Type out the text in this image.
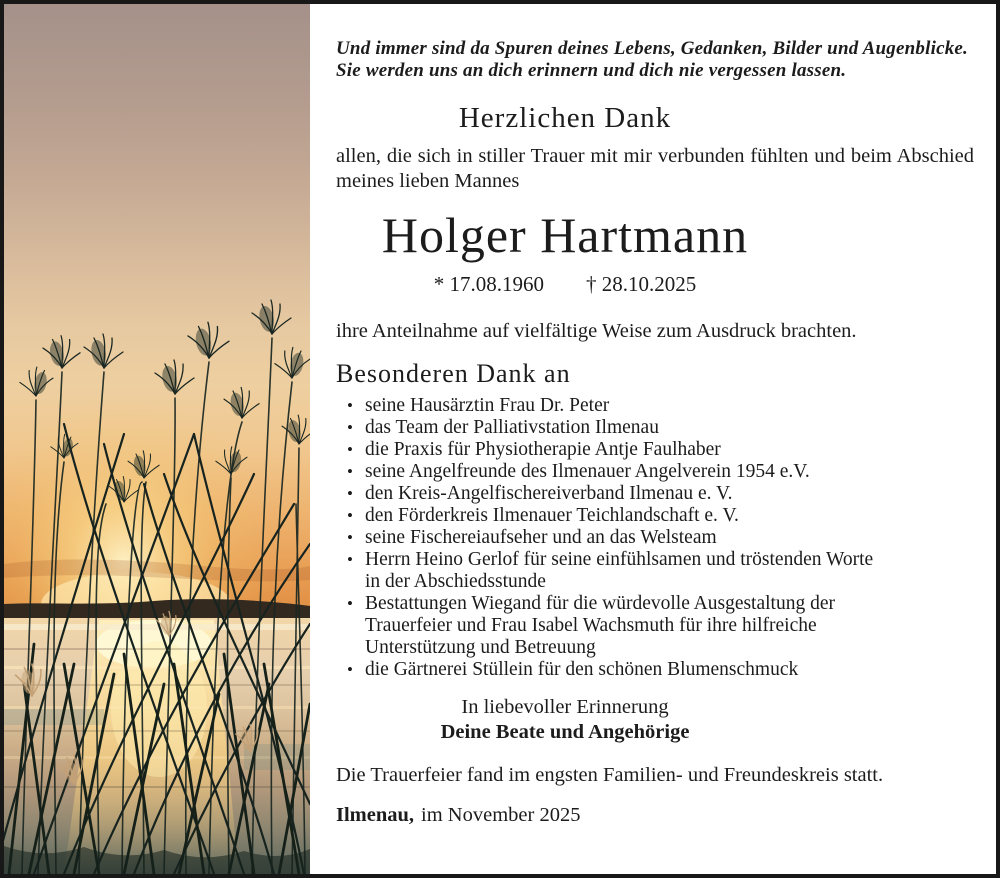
Und immer sind da Spuren deines Lebens, Gedanken, Bilder und Augenblicke.
Sie werden uns an dich erinnern und dich nie vergessen lassen.

Herzlichen Dank

allen, die sich in stiller Trauer mit mir verbunden fühlten und beim Abschied meines lieben Mannes

Holger Hartmann
* 17.08.1960 † 28.10.2025

ihre Anteilnahme auf vielfältige Weise zum Ausdruck brachten.

Besonderen Dank an
• seine Hausärztin Frau Dr. Peter
• das Team der Palliativstation Ilmenau
• die Praxis für Physiotherapie Antje Faulhaber
• seine Angelfreunde des Ilmenauer Angelverein 1954 e.V.
• den Kreis-Angelfischereiverband Ilmenau e. V.
• den Förderkreis Ilmenauer Teichlandschaft e. V.
• seine Fischereiaufseher und an das Welsteam
• Herrn Heino Gerlof für seine einfühlsamen und tröstenden Worte in der Abschiedsstunde
• Bestattungen Wiegand für die würdevolle Ausgestaltung der Trauerfeier und Frau Isabel Wachsmuth für ihre hilfreiche Unterstützung und Betreuung
• die Gärtnerei Stüllein für den schönen Blumenschmuck
In liebevoller Erinnerung
Deine Beate und Angehörige

Die Trauerfeier fand im engsten Familien- und Freundeskreis statt.

Ilmenau, im November 2025
